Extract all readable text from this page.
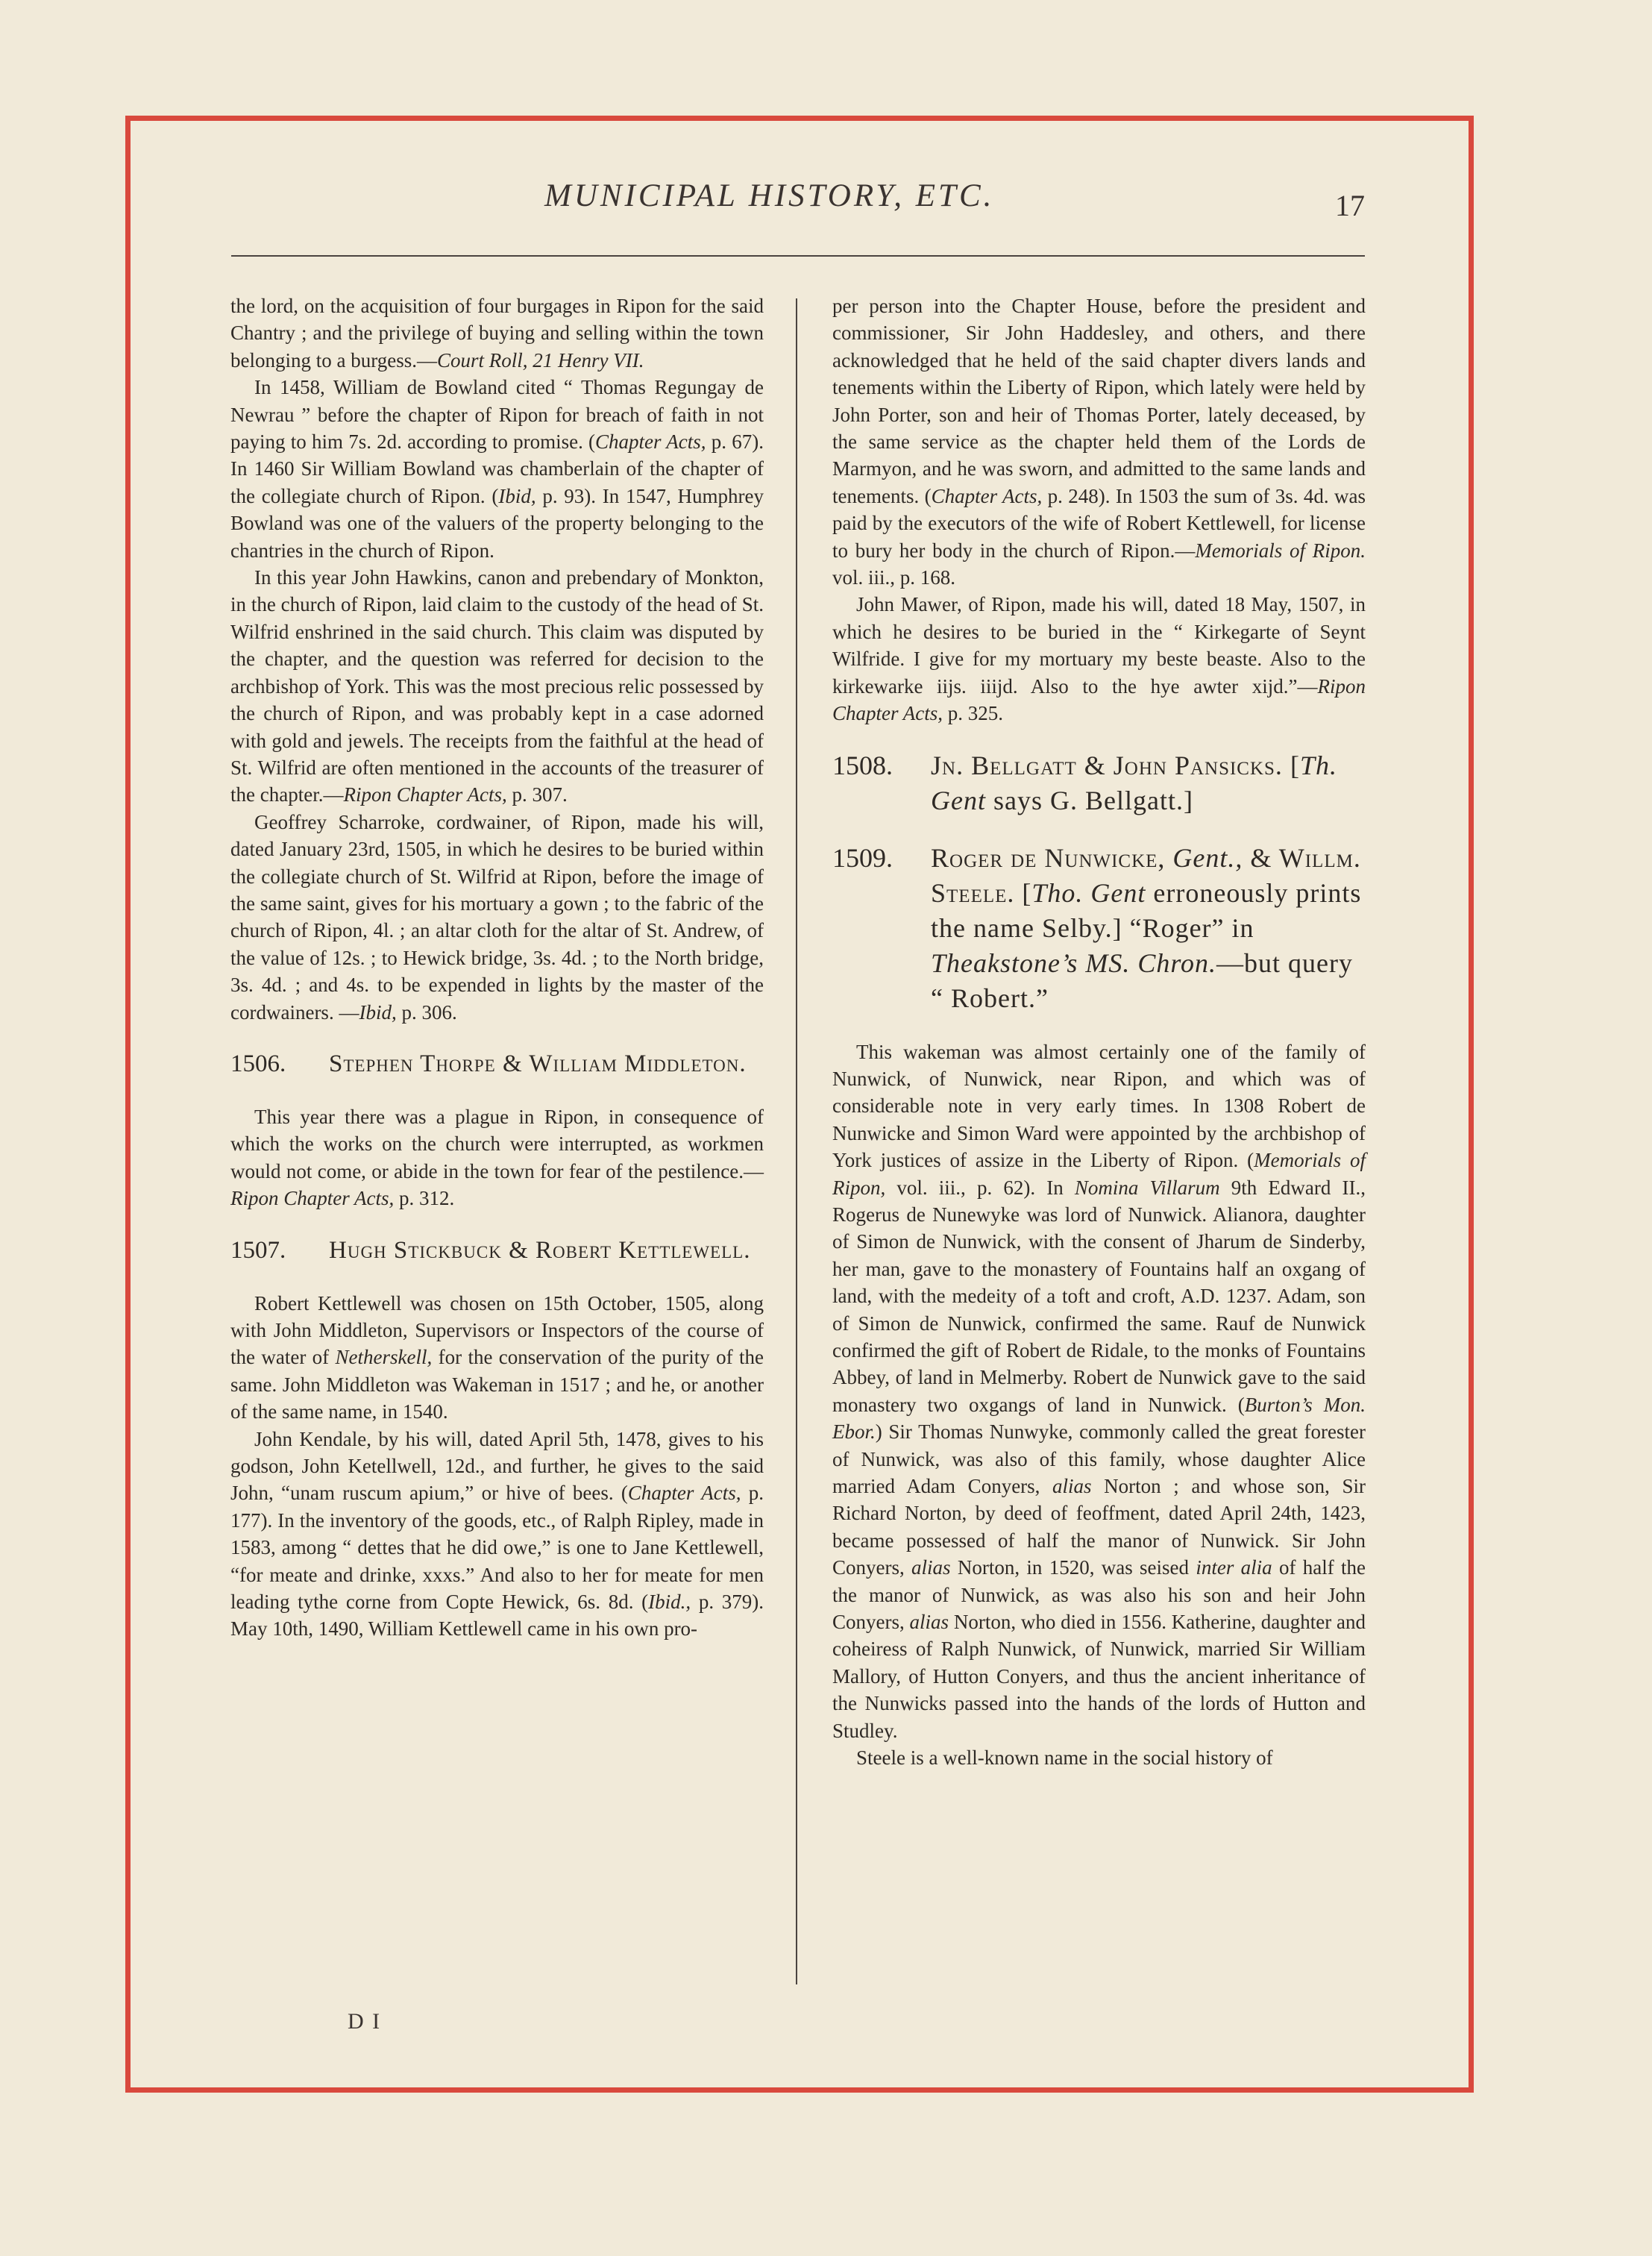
MUNICIPAL HISTORY, ETC.	17

the lord, on the acquisition of four burgages in Ripon for the said Chantry ; and the privilege of buying and selling within the town belonging to a burgess.—Court Roll, 21 Henry VII.

In 1458, William de Bowland cited “ Thomas Regungay de Newrau ” before the chapter of Ripon for breach of faith in not paying to him 7s. 2d. according to promise. (Chapter Acts, p. 67). In 1460 Sir William Bowland was chamberlain of the chapter of the collegiate church of Ripon. (Ibid, p. 93). In 1547, Humphrey Bowland was one of the valuers of the property belonging to the chantries in the church of Ripon.

In this year John Hawkins, canon and prebendary of Monkton, in the church of Ripon, laid claim to the custody of the head of St. Wilfrid enshrined in the said church. This claim was disputed by the chapter, and the question was referred for decision to the archbishop of York. This was the most precious relic possessed by the church of Ripon, and was probably kept in a case adorned with gold and jewels. The receipts from the faithful at the head of St. Wilfrid are often mentioned in the accounts of the treasurer of the chapter.—Ripon Chapter Acts, p. 307.

Geoffrey Scharroke, cordwainer, of Ripon, made his will, dated January 23rd, 1505, in which he desires to be buried within the collegiate church of St. Wilfrid at Ripon, before the image of the same saint, gives for his mortuary a gown ; to the fabric of the church of Ripon, 4l. ; an altar cloth for the altar of St. Andrew, of the value of 12s. ; to Hewick bridge, 3s. 4d. ; to the North bridge, 3s. 4d. ; and 4s. to be expended in lights by the master of the cordwainers. —Ibid, p. 306.

1506.	Stephen Thorpe & William Middleton.

This year there was a plague in Ripon, in consequence of which the works on the church were interrupted, as workmen would not come, or abide in the town for fear of the pestilence.—Ripon Chapter Acts, p. 312.

1507.	Hugh Stickbuck & Robert Kettlewell.

Robert Kettlewell was chosen on 15th October, 1505, along with John Middleton, Supervisors or Inspectors of the course of the water of Netherskell, for the conservation of the purity of the same. John Middleton was Wakeman in 1517 ; and he, or another of the same name, in 1540.

John Kendale, by his will, dated April 5th, 1478, gives to his godson, John Ketellwell, 12d., and further, he gives to the said John, “unam ruscum apium,” or hive of bees. (Chapter Acts, p. 177). In the inventory of the goods, etc., of Ralph Ripley, made in 1583, among “ dettes that he did owe,” is one to Jane Kettlewell, “for meate and drinke, xxxs.” And also to her for meate for men leading tythe corne from Copte Hewick, 6s. 8d. (Ibid., p. 379). May 10th, 1490, William Kettlewell came in his own pro-

per person into the Chapter House, before the president and commissioner, Sir John Haddesley, and others, and there acknowledged that he held of the said chapter divers lands and tenements within the Liberty of Ripon, which lately were held by John Porter, son and heir of Thomas Porter, lately deceased, by the same service as the chapter held them of the Lords de Marmyon, and he was sworn, and admitted to the same lands and tenements. (Chapter Acts, p. 248). In 1503 the sum of 3s. 4d. was paid by the executors of the wife of Robert Kettlewell, for license to bury her body in the church of Ripon.—Memorials of Ripon. vol. iii., p. 168.

John Mawer, of Ripon, made his will, dated 18 May, 1507, in which he desires to be buried in the “ Kirkegarte of Seynt Wilfride. I give for my mortuary my beste beaste. Also to the kirkewarke iijs. iiijd. Also to the hye awter xijd.”—Ripon Chapter Acts, p. 325.

1508.	Jn. Bellgatt & John Pansicks. [Th. Gent says G. Bellgatt.]
1509.	Roger de Nunwicke, Gent., & Willm. Steele. [Tho. Gent erroneously prints the name Selby.] “Roger” in Theakstone’s MS. Chron.—but query “ Robert.”

This wakeman was almost certainly one of the family of Nunwick, of Nunwick, near Ripon, and which was of considerable note in very early times. In 1308 Robert de Nunwicke and Simon Ward were appointed by the archbishop of York justices of assize in the Liberty of Ripon. (Memorials of Ripon, vol. iii., p. 62). In Nomina Villarum 9th Edward II., Rogerus de Nunewyke was lord of Nunwick. Alianora, daughter of Simon de Nunwick, with the consent of Jharum de Sinderby, her man, gave to the monastery of Fountains half an oxgang of land, with the medeity of a toft and croft, A.D. 1237. Adam, son of Simon de Nunwick, confirmed the same. Rauf de Nunwick confirmed the gift of Robert de Ridale, to the monks of Fountains Abbey, of land in Melmerby. Robert de Nunwick gave to the said monastery two oxgangs of land in Nunwick. (Burton’s Mon. Ebor.) Sir Thomas Nunwyke, commonly called the great forester of Nunwick, was also of this family, whose daughter Alice married Adam Conyers, alias Norton ; and whose son, Sir Richard Norton, by deed of feoffment, dated April 24th, 1423, became possessed of half the manor of Nunwick. Sir John Conyers, alias Norton, in 1520, was seised inter alia of half the the manor of Nunwick, as was also his son and heir John Conyers, alias Norton, who died in 1556. Katherine, daughter and coheiress of Ralph Nunwick, of Nunwick, married Sir William Mallory, of Hutton Conyers, and thus the ancient inheritance of the Nunwicks passed into the hands of the lords of Hutton and Studley.

Steele is a well-known name in the social history of

D I
